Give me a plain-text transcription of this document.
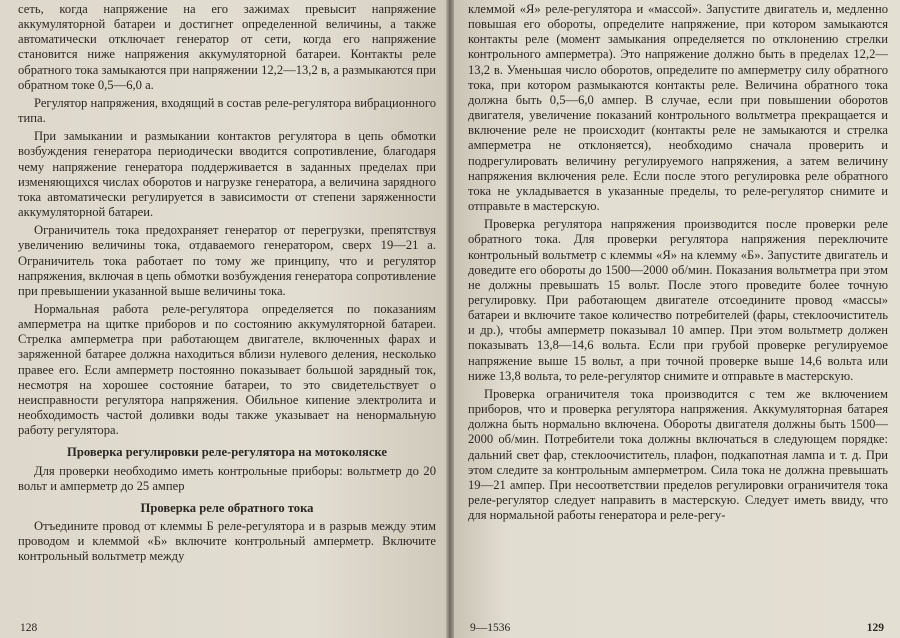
сеть, когда напряжение на его зажимах превысит напряжение аккумуляторной батареи и достигнет определенной величины, а также автоматически отключает генератор от сети, когда его напряжение становится ниже напряжения аккумуляторной батареи. Контакты реле обратного тока замыкаются при напряжении 12,2—13,2 в, а размыкаются при обратном токе 0,5—6,0 а.

Регулятор напряжения, входящий в состав реле-регулятора вибрационного типа.

При замыкании и размыкании контактов регулятора в цепь обмотки возбуждения генератора периодически вводится сопротивление, благодаря чему напряжение генератора поддерживается в заданных пределах при изменяющихся числах оборотов и нагрузке генератора, а величина зарядного тока автоматически регулируется в зависимости от степени заряженности аккумуляторной батареи.

Ограничитель тока предохраняет генератор от перегрузки, препятствуя увеличению величины тока, отдаваемого генератором, сверх 19—21 а. Ограничитель тока работает по тому же принципу, что и регулятор напряжения, включая в цепь обмотки возбуждения генератора сопротивление при превышении указанной выше величины тока.

Нормальная работа реле-регулятора определяется по показаниям амперметра на щитке приборов и по состоянию аккумуляторной батареи. Стрелка амперметра при работающем двигателе, включенных фарах и заряженной батарее должна находиться вблизи нулевого деления, несколько правее его. Если амперметр постоянно показывает большой зарядный ток, несмотря на хорошее состояние батареи, то это свидетельствует о неисправности регулятора напряжения. Обильное кипение электролита и необходимость частой доливки воды также указывает на ненормальную работу регулятора.

Проверка регулировки реле-регулятора на мотоколяске

Для проверки необходимо иметь контрольные приборы: вольтметр до 20 вольт и амперметр до 25 ампер

Проверка реле обратного тока

Отъедините провод от клеммы Б реле-регулятора и в разрыв между этим проводом и клеммой «Б» включите контрольный амперметр. Включите контрольный вольтметр между

клеммой «Я» реле-регулятора и «массой». Запустите двигатель и, медленно повышая его обороты, определите напряжение, при котором замыкаются контакты реле (момент замыкания определяется по отклонению стрелки контрольного амперметра). Это напряжение должно быть в пределах 12,2—13,2 в. Уменьшая число оборотов, определите по амперметру силу обратного тока, при котором размыкаются контакты реле. Величина обратного тока должна быть 0,5—6,0 ампер. В случае, если при повышении оборотов двигателя, увеличение показаний контрольного вольтметра прекращается и включение реле не происходит (контакты реле не замыкаются и стрелка амперметра не отклоняется), необходимо сначала проверить и подрегулировать величину регулируемого напряжения, а затем величину напряжения включения реле. Если после этого регулировка реле обратного тока не укладывается в указанные пределы, то реле-регулятор снимите и отправьте в мастерскую.

Проверка регулятора напряжения производится после проверки реле обратного тока. Для проверки регулятора напряжения переключите контрольный вольтметр с клеммы «Я» на клемму «Б». Запустите двигатель и доведите его обороты до 1500—2000 об/мин. Показания вольтметра при этом не должны превышать 15 вольт. После этого проведите более точную регулировку. При работающем двигателе отсоедините провод «массы» батареи и включите такое количество потребителей (фары, стеклоочиститель и др.), чтобы амперметр показывал 10 ампер. При этом вольтметр должен показывать 13,8—14,6 вольта. Если при грубой проверке регулируемое напряжение выше 15 вольт, а при точной проверке выше 14,6 вольта или ниже 13,8 вольта, то реле-регулятор снимите и отправьте в мастерскую.

Проверка ограничителя тока производится с тем же включением приборов, что и проверка регулятора напряжения. Аккумуляторная батарея должна быть нормально включена. Обороты двигателя должны быть 1500—2000 об/мин. Потребители тока должны включаться в следующем порядке: дальний свет фар, стеклоочиститель, плафон, подкапотная лампа и т. д. При этом следите за контрольным амперметром. Сила тока не должна превышать 19—21 ампер. При несоответствии пределов регулировки ограничителя тока реле-регулятор следует направить в мастерскую. Следует иметь ввиду, что для нормальной работы генератора и реле-регу-

128	9—1536	129
